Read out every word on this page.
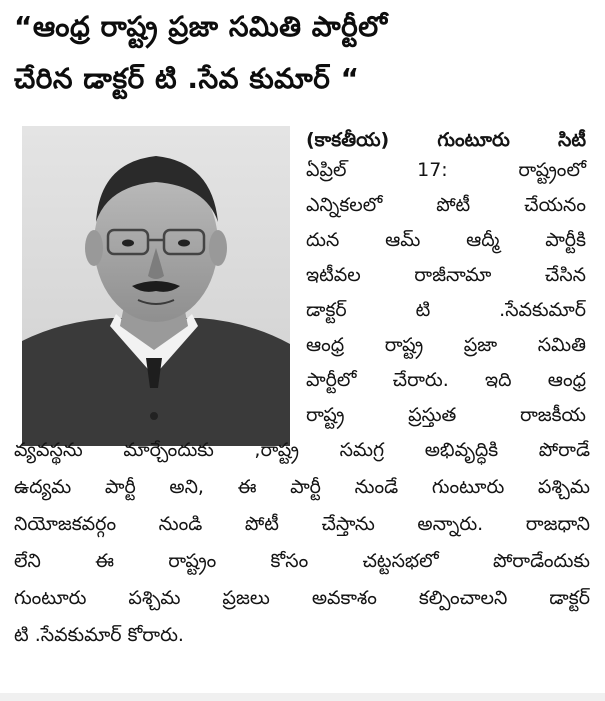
“ఆంధ్ర రాష్ట్ర ప్రజా సమితి పార్టీలో
చేరిన డాక్టర్ టి .సేవ కుమార్ “
(కాకతీయ) గుంటూరు సిటీ
ఏప్రిల్ 17: రాష్ట్రంలో
ఎన్నికలలో పోటీ చేయనం
దున ఆమ్ ఆద్మీ పార్టీకి
ఇటీవల రాజీనామా చేసిన
డాక్టర్ టి .సేవకుమార్
ఆంధ్ర రాష్ట్ర ప్రజా సమితి
పార్టీలో చేరారు. ఇది ఆంధ్ర
రాష్ట్ర ప్రస్తుత రాజకీయ
వ్యవస్థను మార్చేందుకు ,రాష్ట్ర సమగ్ర అభివృద్ధికి పోరాడే
ఉద్యమ పార్టీ అని, ఈ పార్టీ నుండే గుంటూరు పశ్చిమ
నియోజకవర్గం నుండి పోటీ చేస్తాను అన్నారు. రాజధాని
లేని ఈ రాష్ట్రం కోసం చట్టసభలో పోరాడేందుకు
గుంటూరు పశ్చిమ ప్రజలు అవకాశం కల్పించాలని డాక్టర్
టి .సేవకుమార్ కోరారు.
